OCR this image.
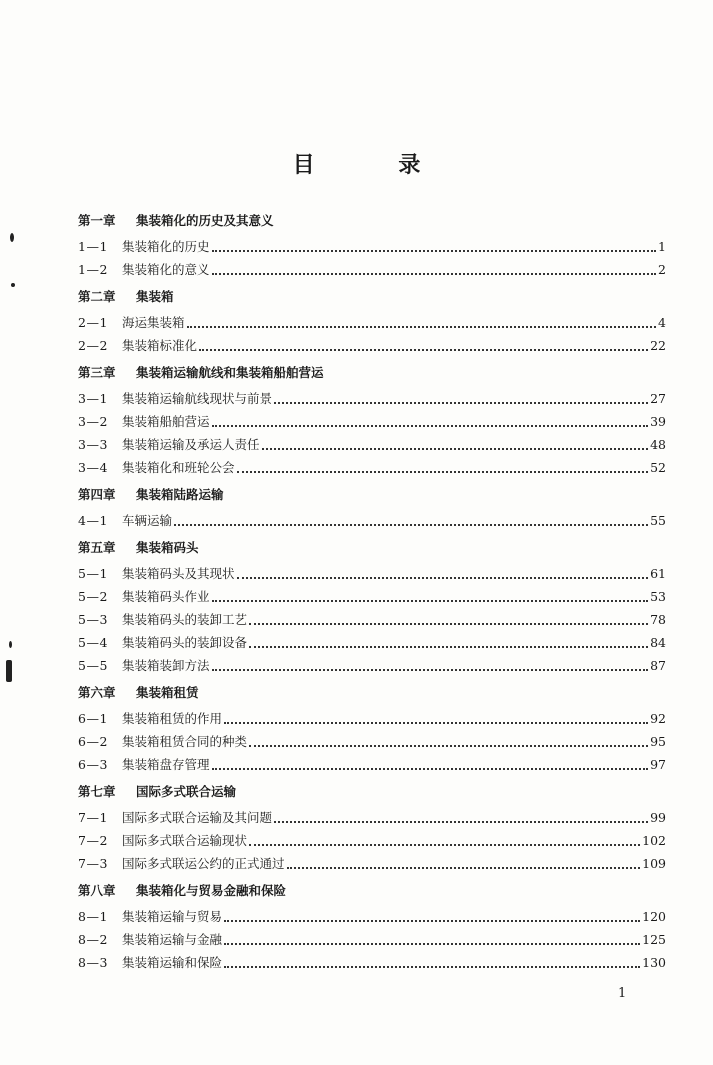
目 录
第一章 集装箱化的历史及其意义
1—1	集装箱化的历史	1
1—2	集装箱化的意义	2
第二章 集装箱
2—1	海运集装箱	4
2—2	集装箱标准化	22
第三章 集装箱运输航线和集装箱船舶营运
3—1	集装箱运输航线现状与前景	27
3—2	集装箱船舶营运	39
3—3	集装箱运输及承运人责任	48
3—4	集装箱化和班轮公会	52
第四章 集装箱陆路运输
4—1	车辆运输	55
第五章 集装箱码头
5—1	集装箱码头及其现状	61
5—2	集装箱码头作业	53
5—3	集装箱码头的装卸工艺	78
5—4	集装箱码头的装卸设备	84
5—5	集装箱装卸方法	87
第六章 集装箱租赁
6—1	集装箱租赁的作用	92
6—2	集装箱租赁合同的种类	95
6—3	集装箱盘存管理	97
第七章 国际多式联合运输
7—1	国际多式联合运输及其问题	99
7—2	国际多式联合运输现状	102
7—3	国际多式联运公约的正式通过	109
第八章 集装箱化与贸易金融和保险
8—1	集装箱运输与贸易	120
8—2	集装箱运输与金融	125
8—3	集装箱运输和保险	130
1
